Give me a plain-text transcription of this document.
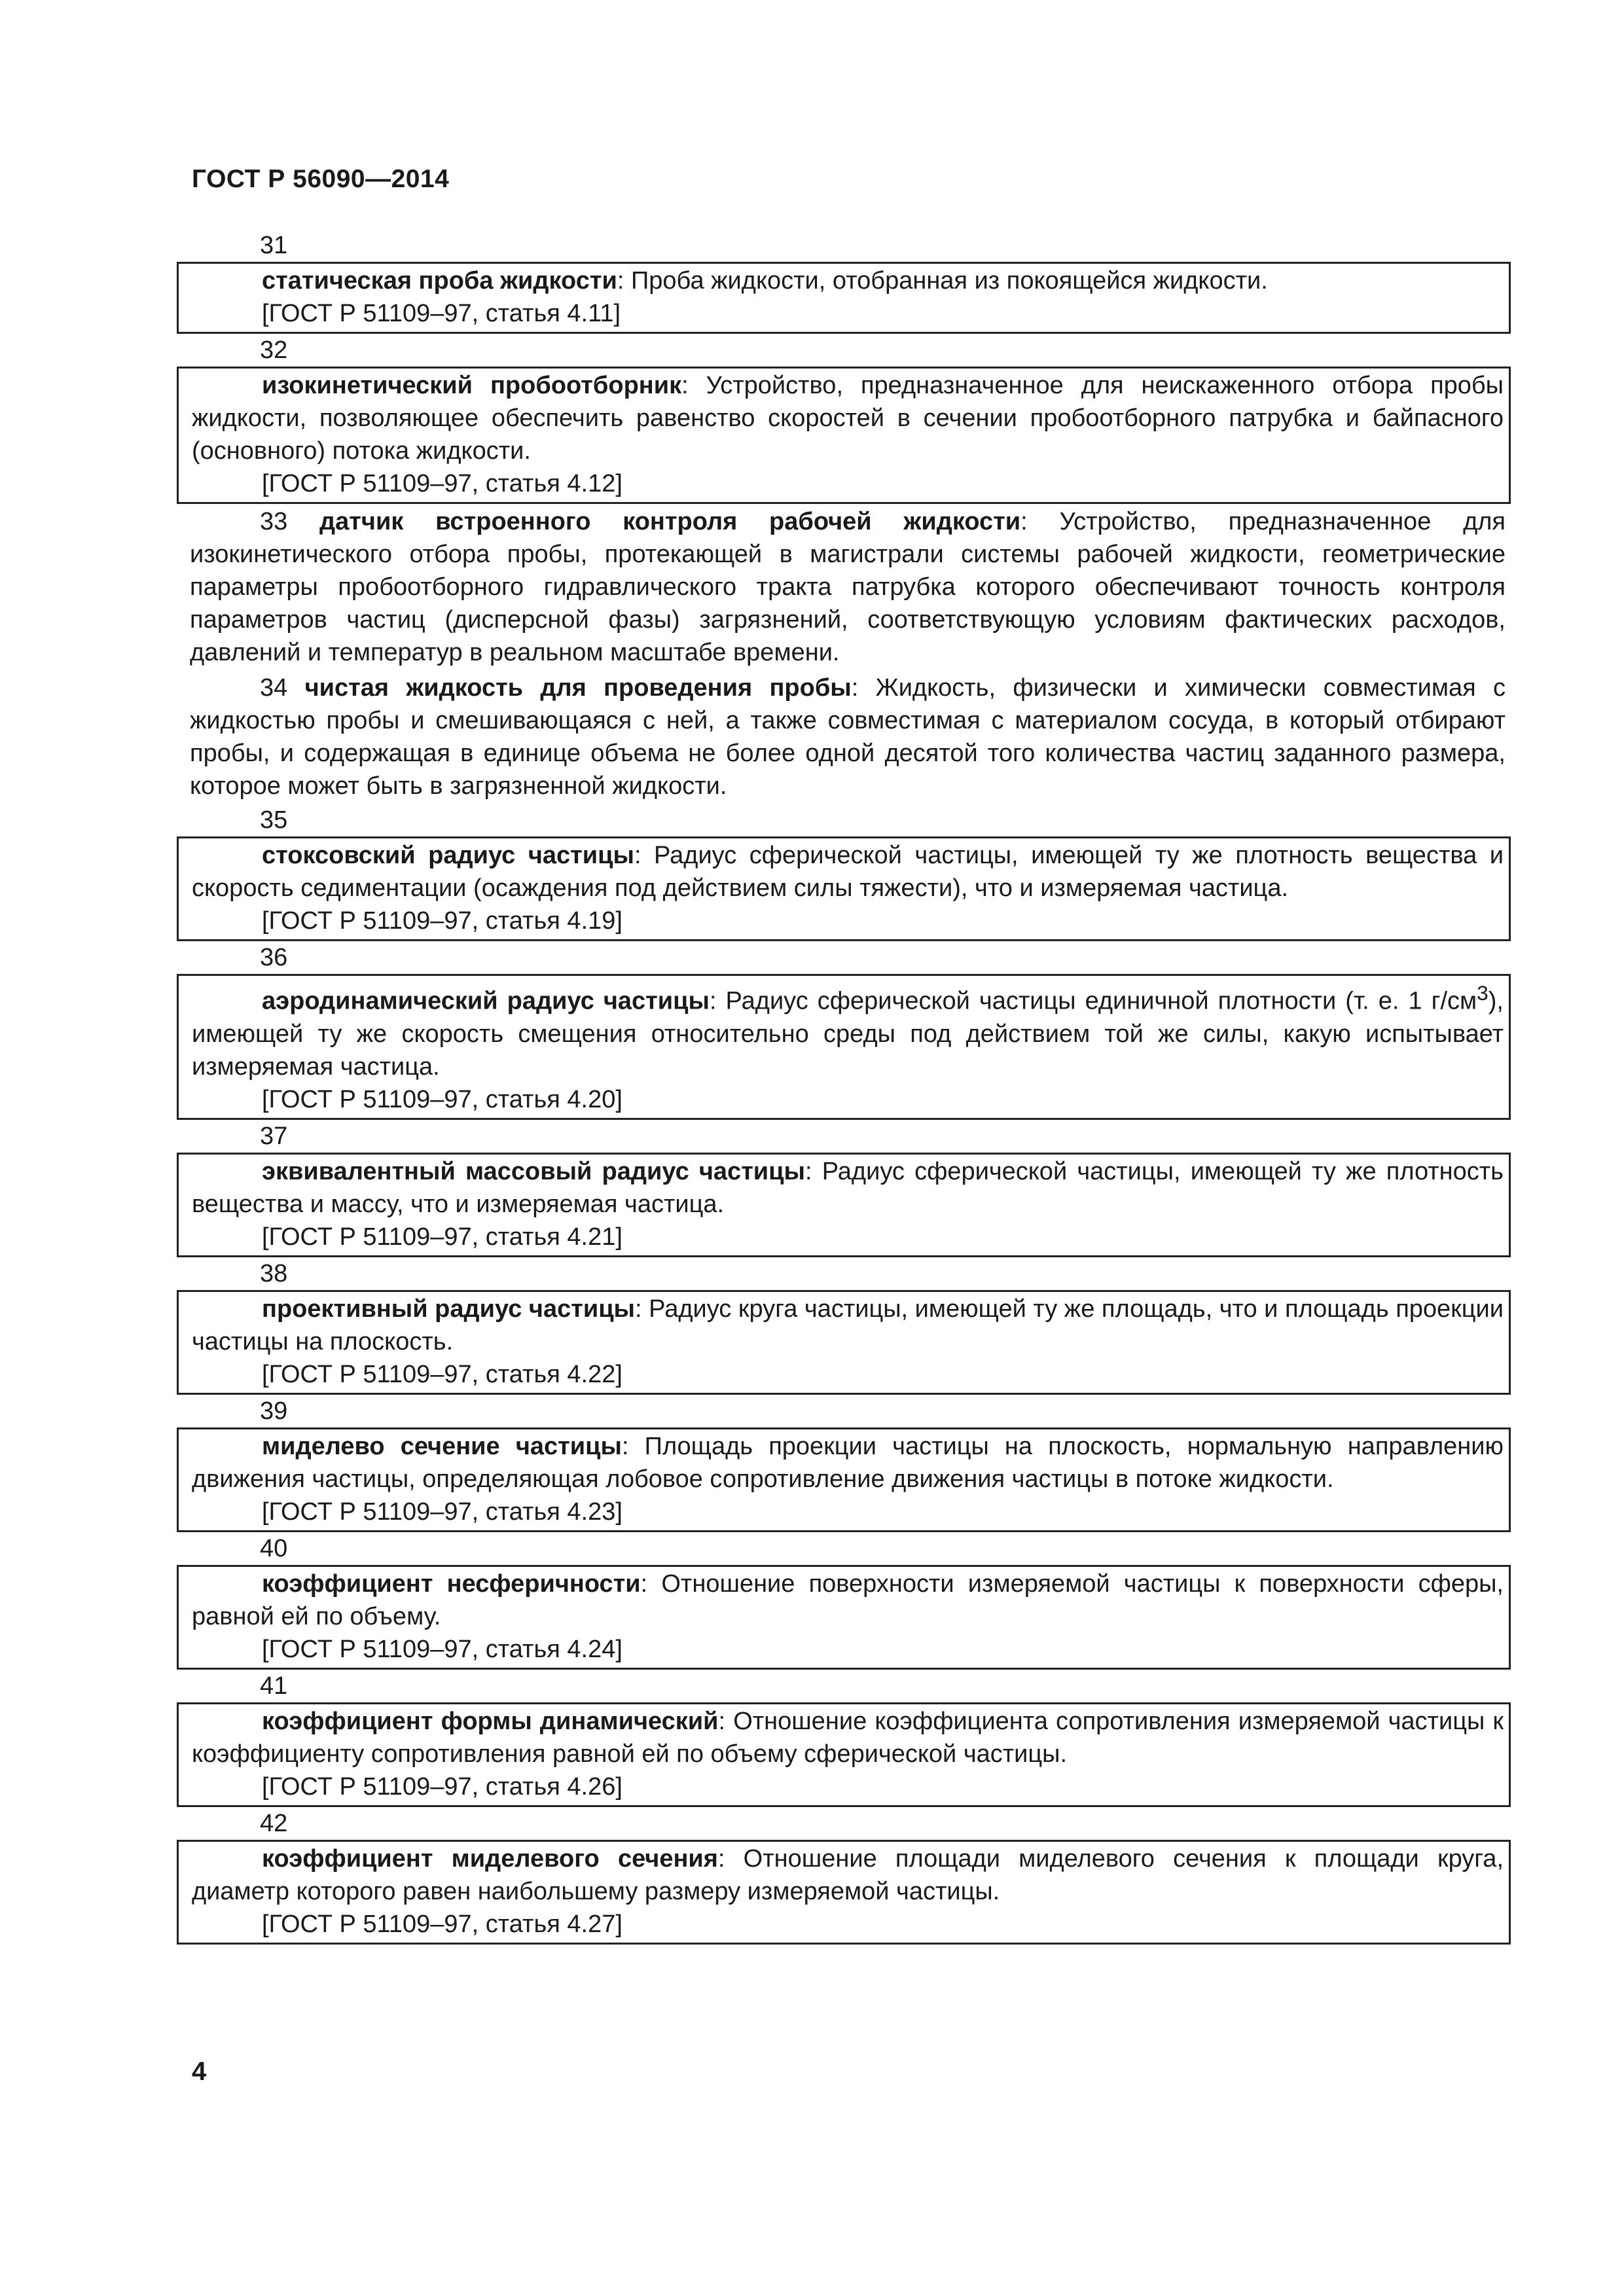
ГОСТ Р 56090—2014
31

статическая проба жидкости: Проба жидкости, отобранная из покоящейся жидкости.

[ГОСТ Р 51109–97, статья 4.11]
32

изокинетический пробоотборник: Устройство, предназначенное для неискаженного отбора пробы жидкости, позволяющее обеспечить равенство скоростей в сечении пробоотборного патрубка и байпасного (основного) потока жидкости.

[ГОСТ Р 51109–97, статья 4.12]

33 датчик встроенного контроля рабочей жидкости: Устройство, предназначенное для изокинетического отбора пробы, протекающей в магистрали системы рабочей жидкости, геометрические параметры пробоотборного гидравлического тракта патрубка которого обеспечивают точность контроля параметров частиц (дисперсной фазы) загрязнений, соответствующую условиям фактических расходов, давлений и температур в реальном масштабе времени.

34 чистая жидкость для проведения пробы: Жидкость, физически и химически совместимая с жидкостью пробы и смешивающаяся с ней, а также совместимая с материалом сосуда, в который отбирают пробы, и содержащая в единице объема не более одной десятой того количества частиц заданного размера, которое может быть в загрязненной жидкости.

35

стоксовский радиус частицы: Радиус сферической частицы, имеющей ту же плотность вещества и скорость седиментации (осаждения под действием силы тяжести), что и измеряемая частица.

[ГОСТ Р 51109–97, статья 4.19]
36

аэродинамический радиус частицы: Радиус сферической частицы единичной плотности (т. е. 1 $г/см^3$), имеющей ту же скорость смещения относительно среды под действием той же силы, какую испытывает измеряемая частица.

[ГОСТ Р 51109–97, статья 4.20]
37

эквивалентный массовый радиус частицы: Радиус сферической частицы, имеющей ту же плотность вещества и массу, что и измеряемая частица.

[ГОСТ Р 51109–97, статья 4.21]
38

проективный радиус частицы: Радиус круга частицы, имеющей ту же площадь, что и площадь проекции частицы на плоскость.

[ГОСТ Р 51109–97, статья 4.22]
39

миделево сечение частицы: Площадь проекции частицы на плоскость, нормальную направлению движения частицы, определяющая лобовое сопротивление движения частицы в потоке жидкости.

[ГОСТ Р 51109–97, статья 4.23]
40

коэффициент несферичности: Отношение поверхности измеряемой частицы к поверхности сферы, равной ей по объему.

[ГОСТ Р 51109–97, статья 4.24]
41

коэффициент формы динамический: Отношение коэффициента сопротивления измеряемой частицы к коэффициенту сопротивления равной ей по объему сферической частицы.

[ГОСТ Р 51109–97, статья 4.26]
42

коэффициент миделевого сечения: Отношение площади миделевого сечения к площади круга, диаметр которого равен наибольшему размеру измеряемой частицы.

[ГОСТ Р 51109–97, статья 4.27]
4
